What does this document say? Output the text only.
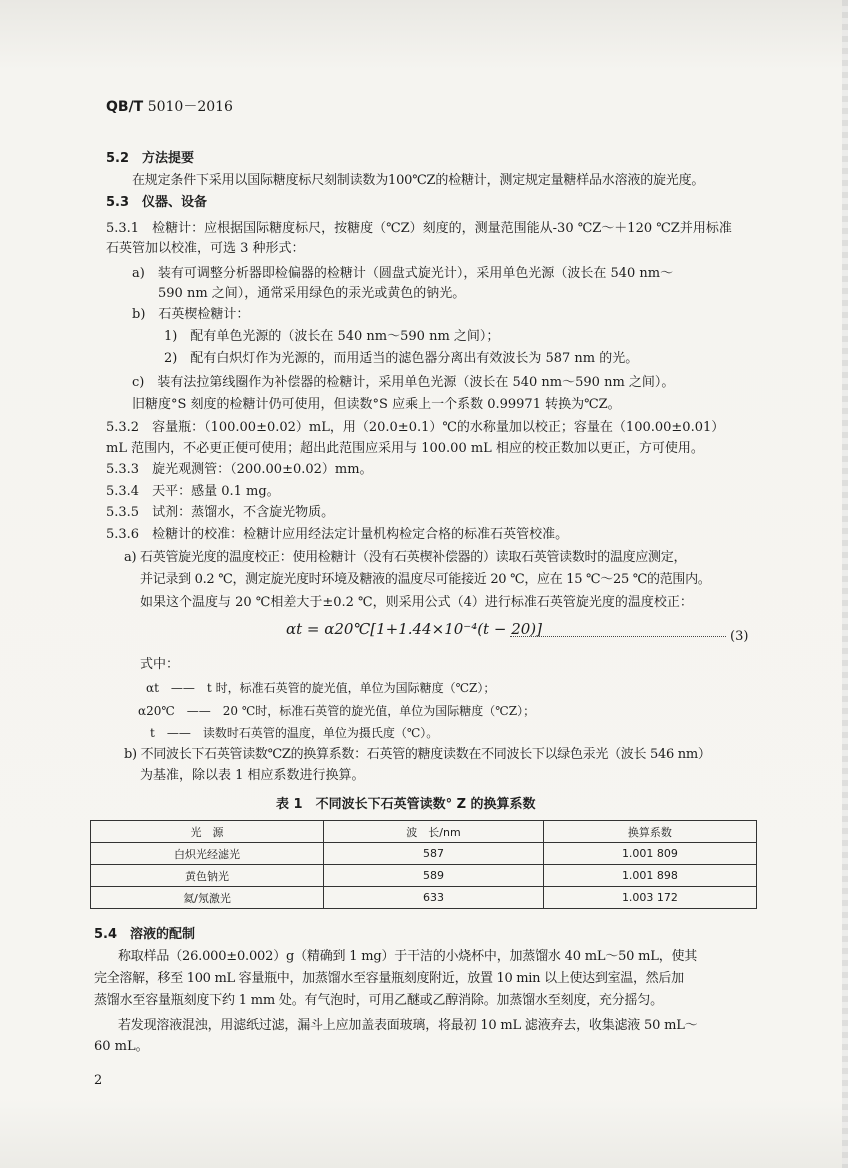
QB/T 5010－2016
5.2　方法提要
在规定条件下采用以国际糖度标尺刻制读数为100℃Z的检糖计，测定规定量糖样品水溶液的旋光度。
5.3　仪器、设备
5.3.1　检糖计：应根据国际糖度标尺，按糖度（℃Z）刻度的，测量范围能从-30 ℃Z～＋120 ℃Z并用标准
石英管加以校准，可选 3 种形式：
a)　装有可调整分析器即检偏器的检糖计（圆盘式旋光计），采用单色光源（波长在 540 nm～
590 nm 之间），通常采用绿色的汞光或黄色的钠光。
b)　石英楔检糖计：
1)　配有单色光源的（波长在 540 nm～590 nm 之间）；
2)　配有白炽灯作为光源的，而用适当的滤色器分离出有效波长为 587 nm 的光。
c)　装有法拉第线圈作为补偿器的检糖计，采用单色光源（波长在 540 nm～590 nm 之间）。
旧糖度°S 刻度的检糖计仍可使用，但读数°S 应乘上一个系数 0.99971 转换为℃Z。
5.3.2　容量瓶：（100.00±0.02）mL，用（20.0±0.1）℃的水称量加以校正；容量在（100.00±0.01）
mL 范围内，不必更正便可使用；超出此范围应采用与 100.00 mL 相应的校正数加以更正，方可使用。
5.3.3　旋光观测管：（200.00±0.02）mm。
5.3.4　天平：感量 0.1 mg。
5.3.5　试剂：蒸馏水，不含旋光物质。
5.3.6　检糖计的校准：检糖计应用经法定计量机构检定合格的标准石英管校准。
a) 石英管旋光度的温度校正：使用检糖计（没有石英楔补偿器的）读取石英管读数时的温度应测定，
并记录到 0.2 ℃，测定旋光度时环境及糖液的温度尽可能接近 20 ℃，应在 15 ℃～25 ℃的范围内。
如果这个温度与 20 ℃相差大于±0.2 ℃，则采用公式（4）进行标准石英管旋光度的温度校正：
αt = α20℃[1+1.44×10⁻⁴(t − 20)]	(3)
式中：
αt　——　t 时，标准石英管的旋光值，单位为国际糖度（℃Z）；
α20℃　——　20 ℃时，标准石英管的旋光值，单位为国际糖度（℃Z）；
t　——　读数时石英管的温度，单位为摄氏度（℃）。
b) 不同波长下石英管读数℃Z的换算系数：石英管的糖度读数在不同波长下以绿色汞光（波长 546 nm）
为基准，除以表 1 相应系数进行换算。
表 1　不同波长下石英管读数° Z 的换算系数
光　源	波　长/nm	换算系数
白炽光经滤光	587	1.001 809
黄色钠光	589	1.001 898
氦/氖激光	633	1.003 172
5.4　溶液的配制
称取样品（26.000±0.002）g（精确到 1 mg）于干洁的小烧杯中，加蒸馏水 40 mL～50 mL，使其
完全溶解，移至 100 mL 容量瓶中，加蒸馏水至容量瓶刻度附近，放置 10 min 以上使达到室温，然后加
蒸馏水至容量瓶刻度下约 1 mm 处。有气泡时，可用乙醚或乙醇消除。加蒸馏水至刻度，充分摇匀。
若发现溶液混浊，用滤纸过滤，漏斗上应加盖表面玻璃，将最初 10 mL 滤液弃去，收集滤液 50 mL～
60 mL。
2
